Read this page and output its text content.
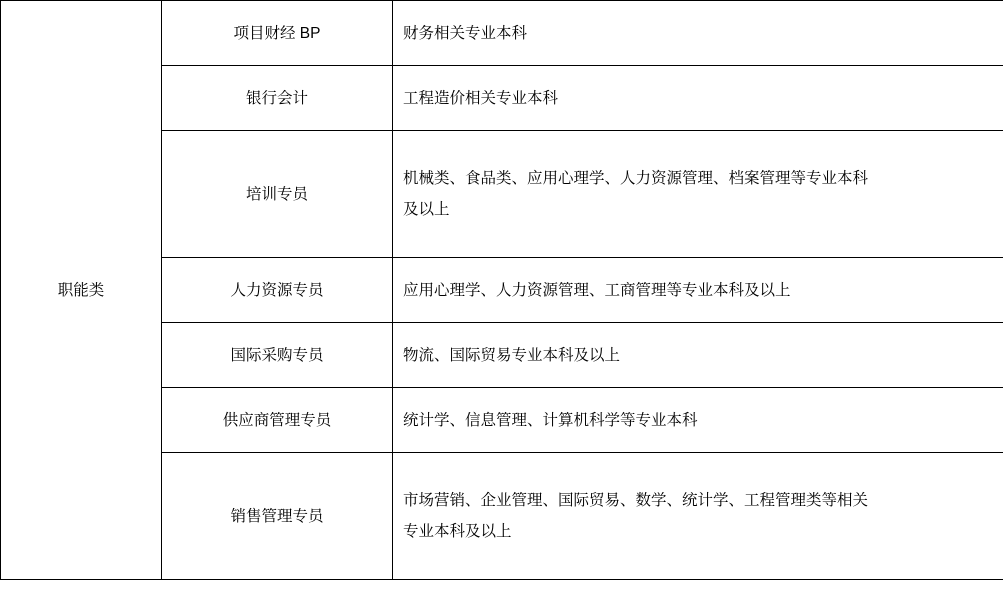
职能类	项目财经 BP	财务相关专业本科

	银行会计	工程造价相关专业本科

	培训专员	机械类、食品类、应用心理学、人力资源管理、档案管理等专业本科
及以上

	人力资源专员	应用心理学、人力资源管理、工商管理等专业本科及以上

	国际采购专员	物流、国际贸易专业本科及以上

	供应商管理专员	统计学、信息管理、计算机科学等专业本科

	销售管理专员	市场营销、企业管理、国际贸易、数学、统计学、工程管理类等相关
专业本科及以上
